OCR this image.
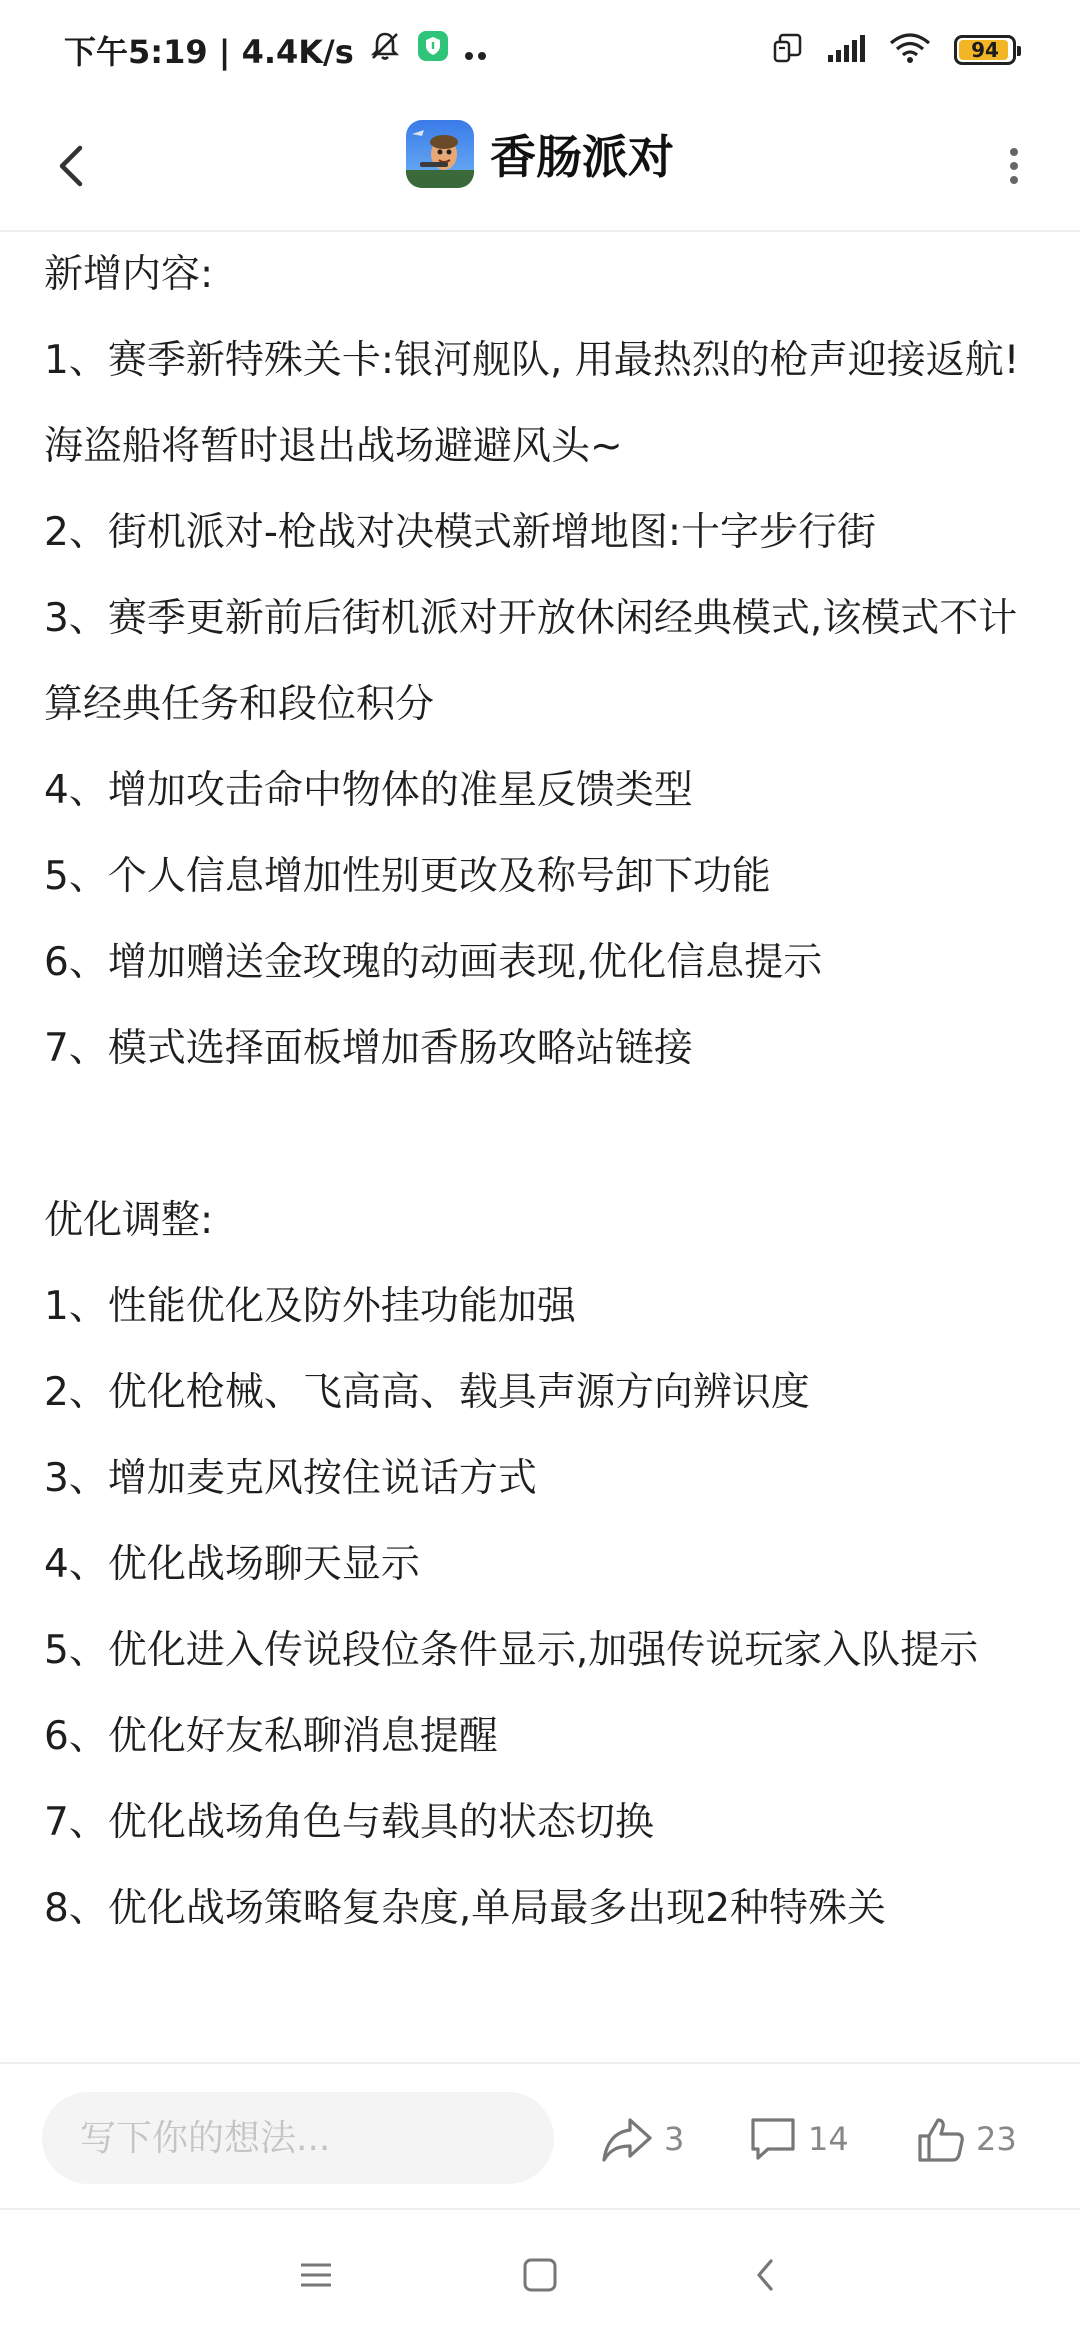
下午5:19 | 4.4K/s	94
香肠派对

新增内容:

1、赛季新特殊关卡:银河舰队, 用最热烈的枪声迎接返航!海盗船将暂时退出战场避避风头~

2、街机派对-枪战对决模式新增地图:十字步行街

3、赛季更新前后街机派对开放休闲经典模式,该模式不计算经典任务和段位积分

4、增加攻击命中物体的准星反馈类型

5、个人信息增加性别更改及称号卸下功能

6、增加赠送金玫瑰的动画表现,优化信息提示

7、模式选择面板增加香肠攻略站链接

优化调整:

1、性能优化及防外挂功能加强

2、优化枪械、飞高高、载具声源方向辨识度

3、增加麦克风按住说话方式

4、优化战场聊天显示

5、优化进入传说段位条件显示,加强传说玩家入队提示

6、优化好友私聊消息提醒

7、优化战场角色与载具的状态切换

8、优化战场策略复杂度,单局最多出现2种特殊关

写下你的想法...
3	14	23
